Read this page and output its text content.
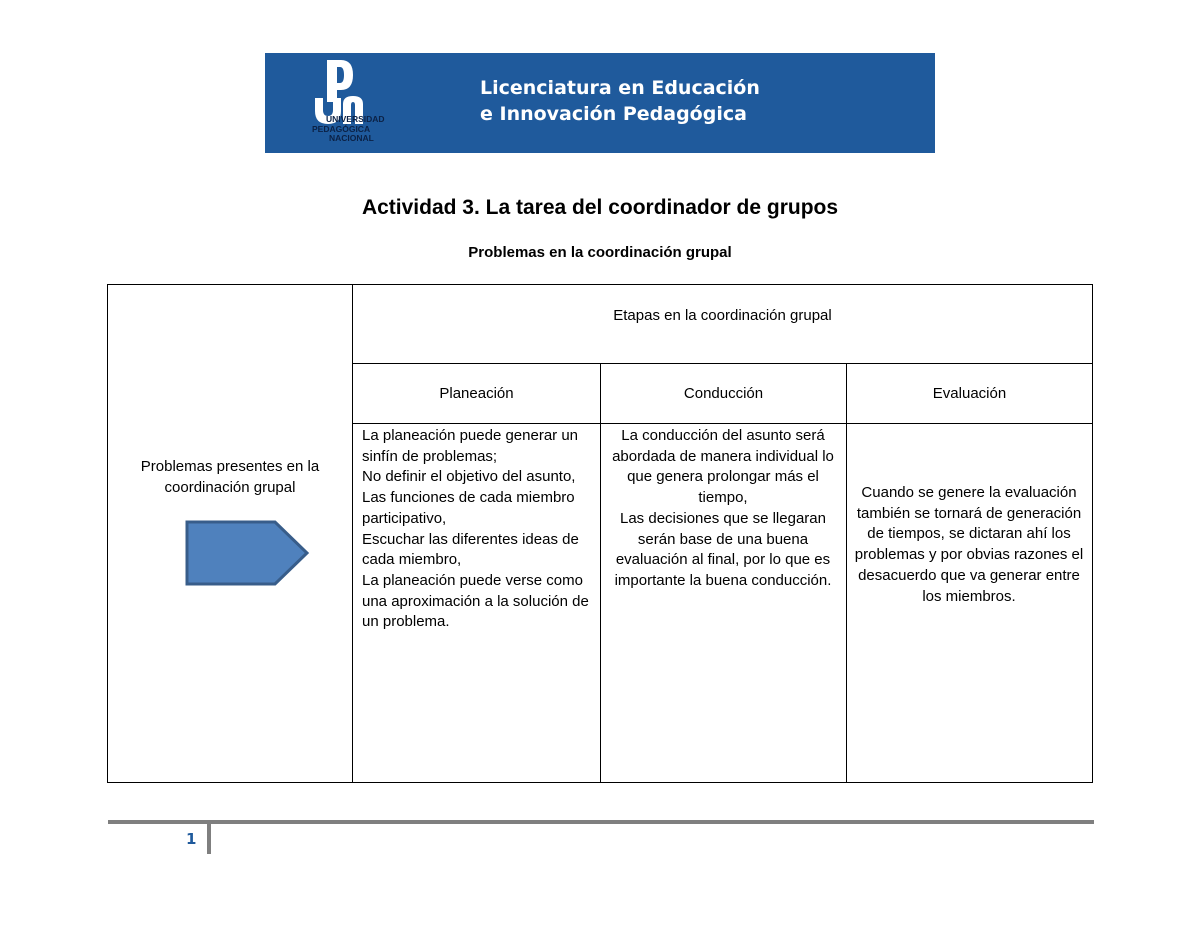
UNIVERSIDAD
PEDAGÓGICA
NACIONAL
Licenciatura en Educación
e Innovación Pedagógica
Actividad 3. La tarea del coordinador de grupos
Problemas en la coordinación grupal
Problemas presentes en la coordinación grupal
Etapas en la coordinación grupal
Planeación	Conducción	Evaluación
La planeación puede generar un sinfín de problemas;
No definir el objetivo del asunto,
Las funciones de cada miembro participativo,
Escuchar las diferentes ideas de cada miembro,
La planeación puede verse como una aproximación a la solución de un problema.
La conducción del asunto será abordada de manera individual lo que genera prolongar más el tiempo,
Las decisiones que se llegaran serán base de una buena evaluación al final, por lo que es importante la buena conducción.
Cuando se genere la evaluación también se tornará de generación de tiempos, se dictaran ahí los problemas y por obvias razones el desacuerdo que va generar entre los miembros.
1
